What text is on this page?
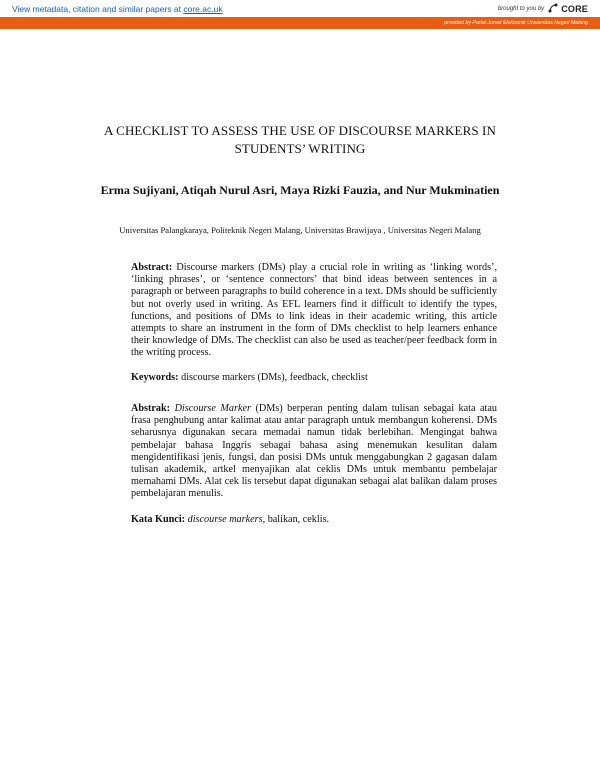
View metadata, citation and similar papers at core.ac.uk	brought to you by CORE
provided by Portal Jurnal Elektronik Universitas Negeri Malang
A CHECKLIST TO ASSESS THE USE OF DISCOURSE MARKERS IN
STUDENTS’ WRITING
Erma Sujiyani, Atiqah Nurul Asri, Maya Rizki Fauzia, and Nur Mukminatien
Universitas Palangkaraya, Politeknik Negeri Malang, Universitas Brawijaya , Universitas Negeri Malang
Abstract: Discourse markers (DMs) play a crucial role in writing as ‘linking words’, ‘linking phrases’, or ‘sentence connectors’ that bind ideas between sentences in a paragraph or between paragraphs to build coherence in a text. DMs should be sufficiently but not overly used in writing. As EFL learners find it difficult to identify the types, functions, and positions of DMs to link ideas in their academic writing, this article attempts to share an instrument in the form of DMs checklist to help learners enhance their knowledge of DMs. The checklist can also be used as teacher/peer feedback form in the writing process.
Keywords: discourse markers (DMs), feedback, checklist
Abstrak: Discourse Marker (DMs) berperan penting dalam tulisan sebagai kata atau frasa penghubung antar kalimat atau antar paragraph untuk membangun koherensi. DMs seharusnya digunakan secara memadai namun tidak berlebihan. Mengingat bahwa pembelajar bahasa Inggris sebagai bahasa asing menemukan kesulitan dalam mengidentifikasi jenis, fungsi, dan posisi DMs untuk menggabungkan 2 gagasan dalam tulisan akademik, artkel menyajikan alat ceklis DMs untuk membantu pembelajar memahami DMs. Alat cek lis tersebut dapat digunakan sebagai alat balikan dalam proses pembelajaran menulis.
Kata Kunci: discourse markers, balikan, ceklis.
